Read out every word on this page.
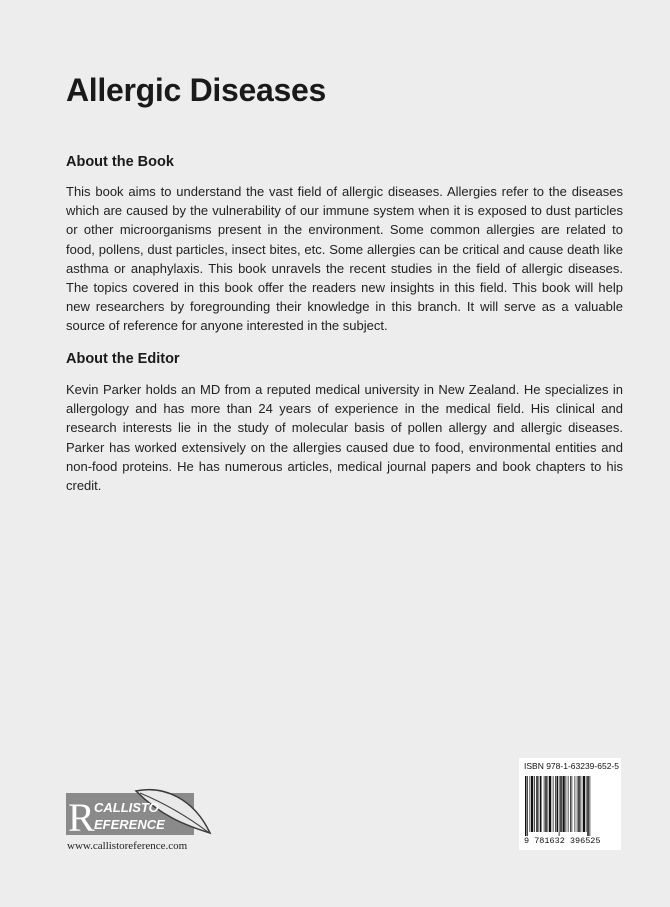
Allergic Diseases
About the Book

This book aims to understand the vast field of allergic diseases. Allergies refer to the diseases which are caused by the vulnerability of our immune system when it is exposed to dust particles or other microorganisms present in the environment. Some common allergies are related to food, pollens, dust particles, insect bites, etc. Some allergies can be critical and cause death like asthma or anaphylaxis. This book unravels the recent studies in the field of allergic diseases. The topics covered in this book offer the readers new insights in this field. This book will help new researchers by foregrounding their knowledge in this branch. It will serve as a valuable source of reference for anyone interested in the subject.

About the Editor

Kevin Parker holds an MD from a reputed medical university in New Zealand. He specializes in allergology and has more than 24 years of experience in the medical field. His clinical and research interests lie in the study of molecular basis of pollen allergy and allergic diseases. Parker has worked extensively on the allergies caused due to food, environmental entities and non-food proteins. He has numerous articles, medical journal papers and book chapters to his credit.

R CALLISTO
EFERENCE
www.callistoreference.com
ISBN 978-1-63239-652-5
9 781632 396525
